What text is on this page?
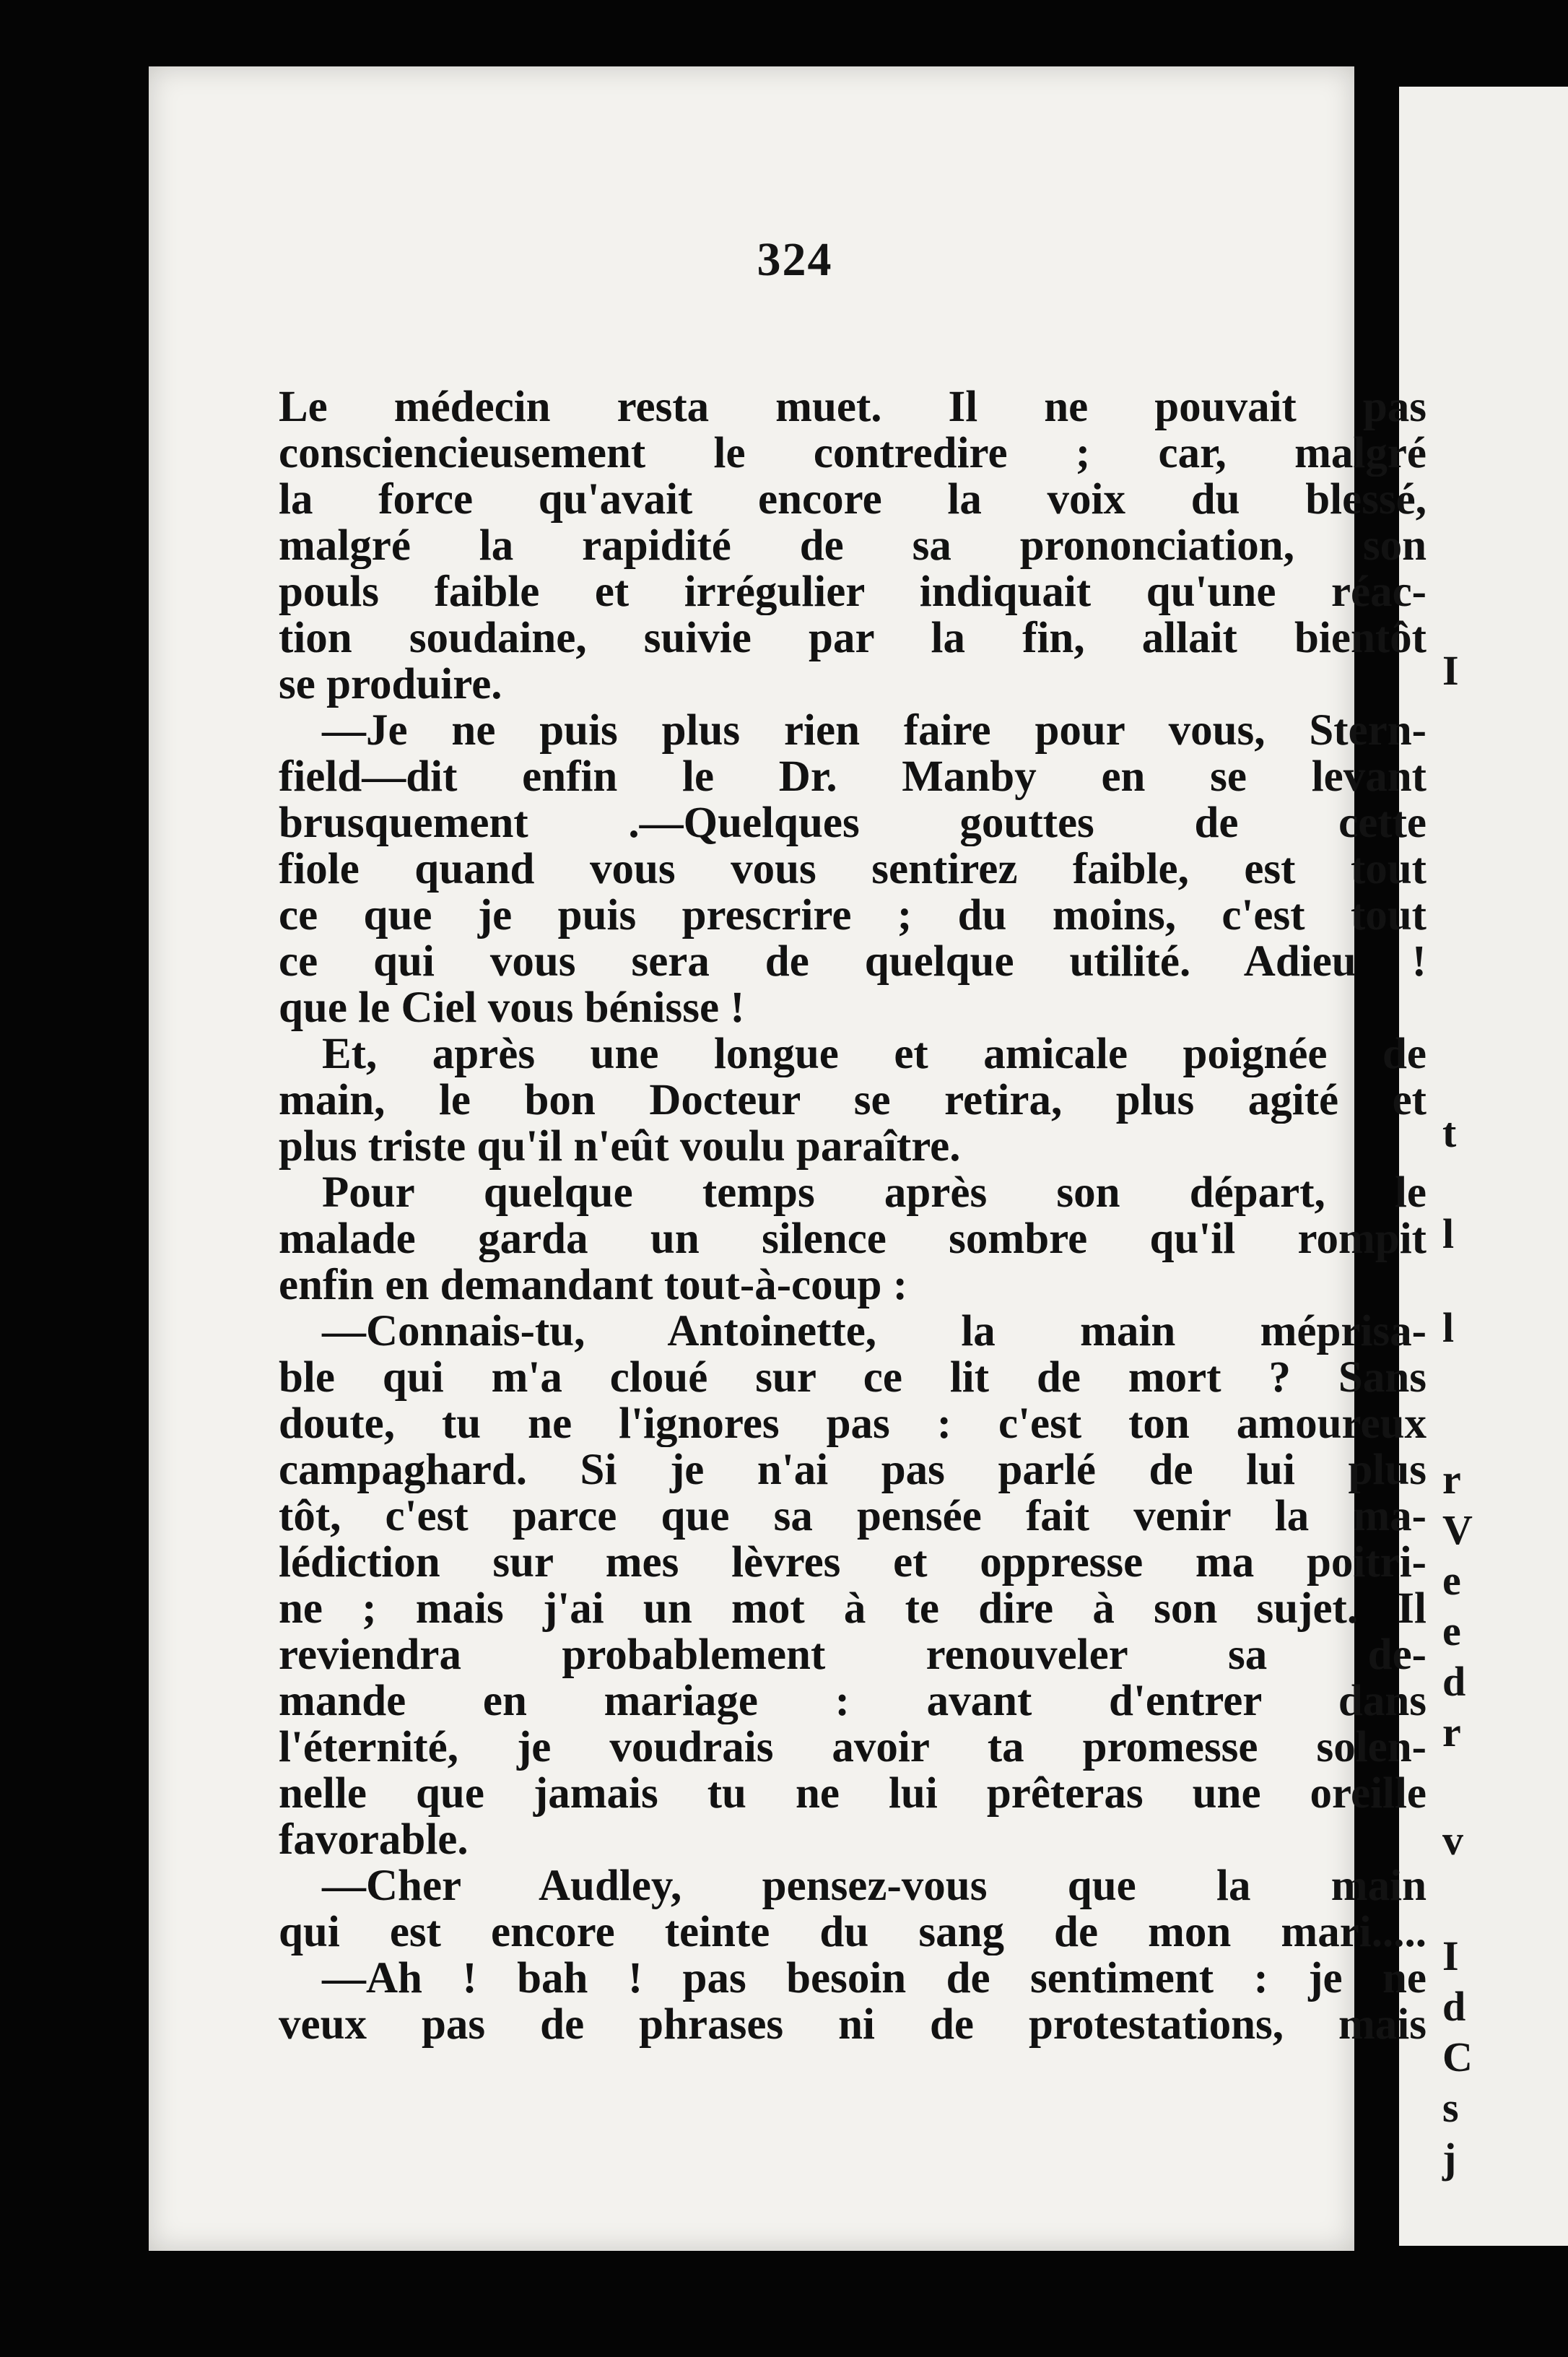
I
t
l
l
r
V
e
e
d
r
v
I
d
C
s
j
324
Le médecin resta muet. Il ne pouvait pas
consciencieusement le contredire ; car, malgré
la force qu'avait encore la voix du blessé,
malgré la rapidité de sa prononciation, son
pouls faible et irrégulier indiquait qu'une réac-
tion soudaine, suivie par la fin, allait bientôt
se produire.
—Je ne puis plus rien faire pour vous, Stern-
field—dit enfin le Dr. Manby en se levant
brusquement .—Quelques gouttes de cette
fiole quand vous vous sentirez faible, est tout
ce que je puis prescrire ; du moins, c'est tout
ce qui vous sera de quelque utilité. Adieu !
que le Ciel vous bénisse !
Et, après une longue et amicale poignée de
main, le bon Docteur se retira, plus agité et
plus triste qu'il n'eût voulu paraître.
Pour quelque temps après son départ, le
malade garda un silence sombre qu'il rompit
enfin en demandant tout-à-coup :
—Connais-tu, Antoinette, la main méprisa-
ble qui m'a cloué sur ce lit de mort ? Sans
doute, tu ne l'ignores pas : c'est ton amoureux
campaghard. Si je n'ai pas parlé de lui plus
tôt, c'est parce que sa pensée fait venir la ma-
lédiction sur mes lèvres et oppresse ma poitri-
ne ; mais j'ai un mot à te dire à son sujet. Il
reviendra probablement renouveler sa de-
mande en mariage : avant d'entrer dans
l'éternité, je voudrais avoir ta promesse solen-
nelle que jamais tu ne lui prêteras une oreille
favorable.
—Cher Audley, pensez-vous que la main
qui est encore teinte du sang de mon mari.....
—Ah ! bah ! pas besoin de sentiment : je ne
veux pas de phrases ni de protestations, mais
